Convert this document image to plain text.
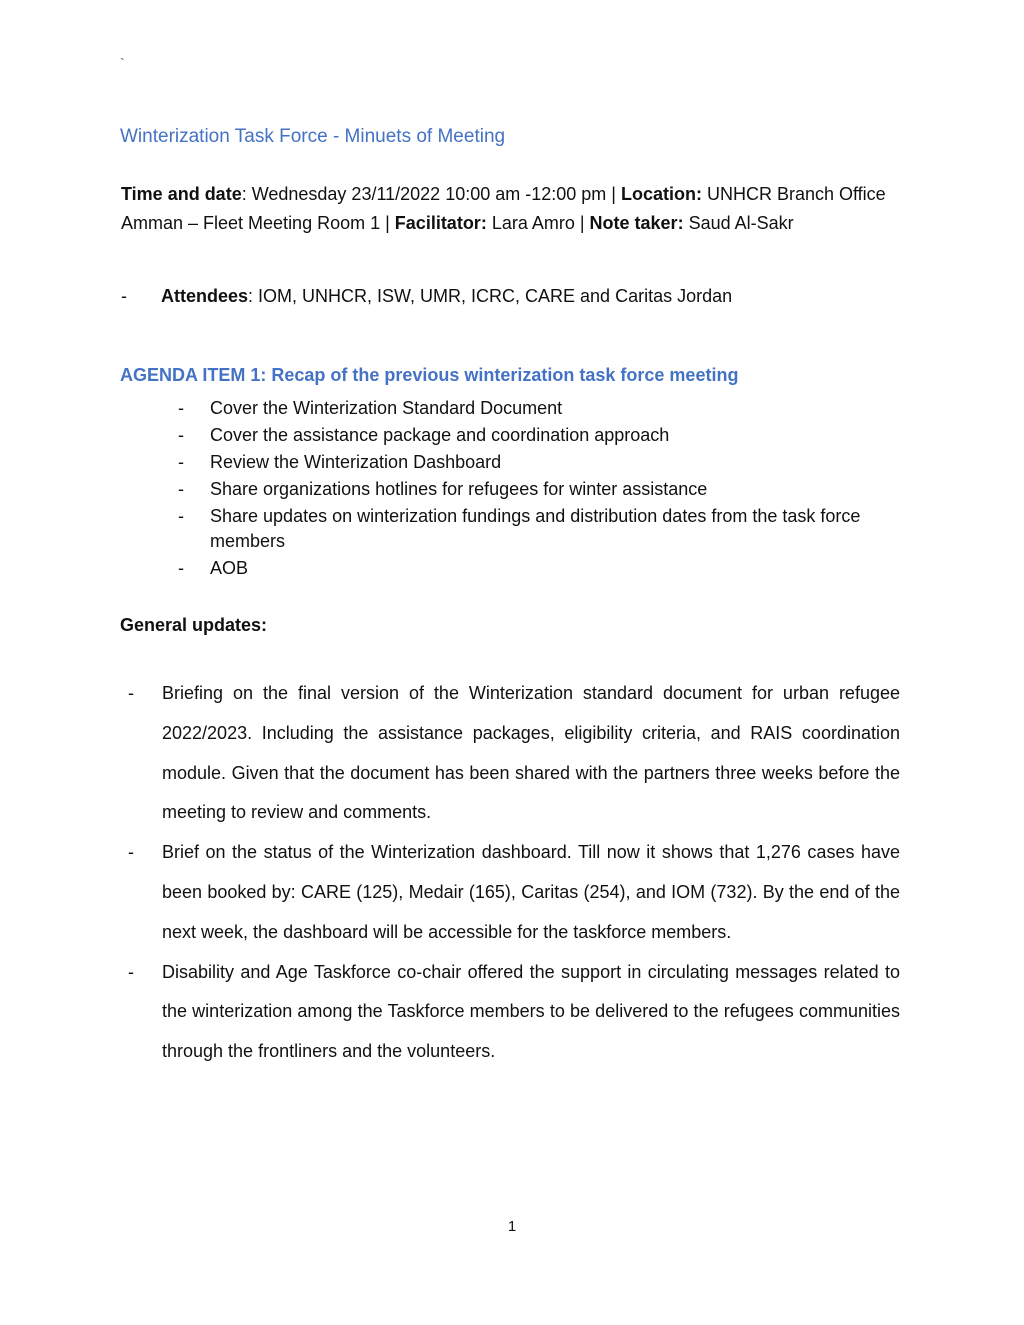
`
Winterization Task Force - Minuets of Meeting

Time and date: Wednesday 23/11/2022 10:00 am -12:00 pm | Location: UNHCR Branch Office Amman – Fleet Meeting Room 1 | Facilitator: Lara Amro | Note taker: Saud Al-Sakr

- Attendees: IOM, UNHCR, ISW, UMR, ICRC, CARE and Caritas Jordan

AGENDA ITEM 1: Recap of the previous winterization task force meeting
- Cover the Winterization Standard Document
- Cover the assistance package and coordination approach
- Review the Winterization Dashboard
- Share organizations hotlines for refugees for winter assistance
- Share updates on winterization fundings and distribution dates from the task force members
- AOB
General updates:
- Briefing on the final version of the Winterization standard document for urban refugee 2022/2023. Including the assistance packages, eligibility criteria, and RAIS coordination module. Given that the document has been shared with the partners three weeks before the meeting to review and comments.
- Brief on the status of the Winterization dashboard. Till now it shows that 1,276 cases have been booked by: CARE (125), Medair (165), Caritas (254), and IOM (732). By the end of the next week, the dashboard will be accessible for the taskforce members.
- Disability and Age Taskforce co-chair offered the support in circulating messages related to the winterization among the Taskforce members to be delivered to the refugees communities through the frontliners and the volunteers.

1
